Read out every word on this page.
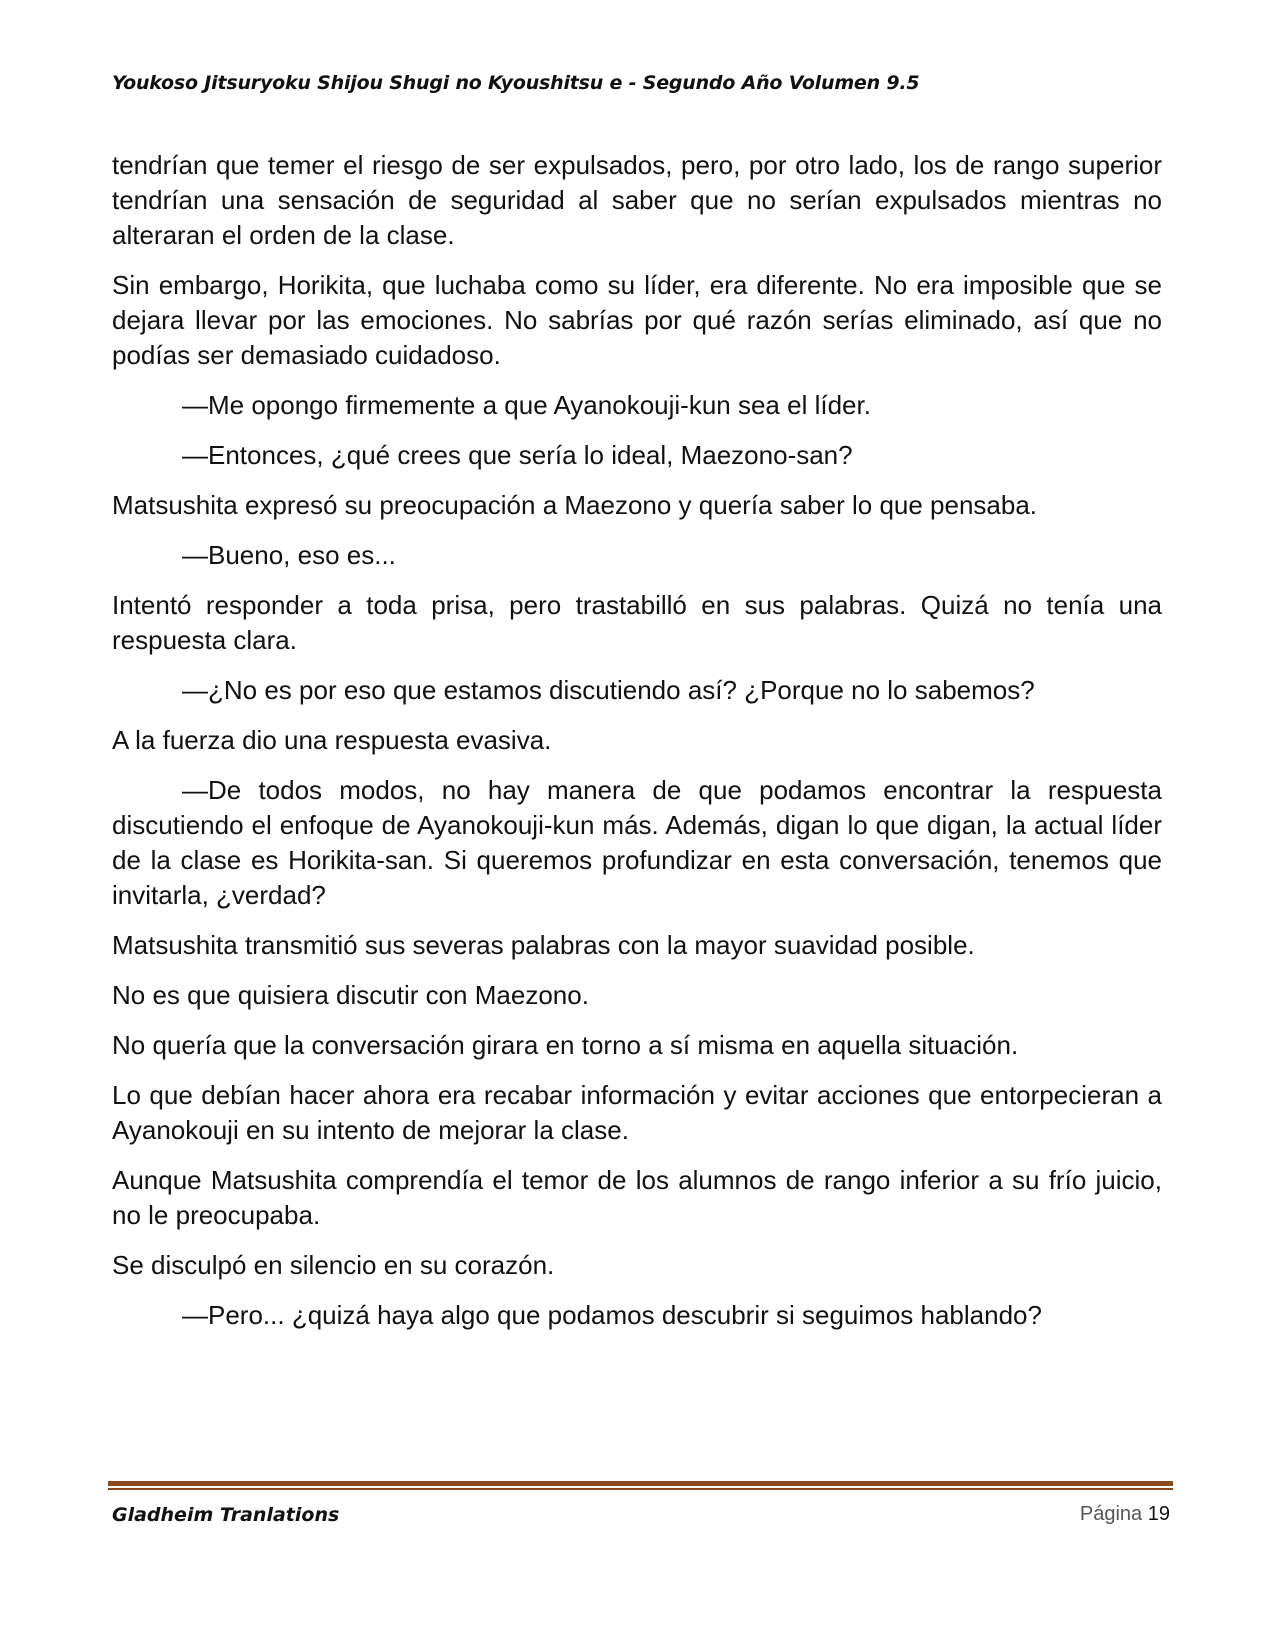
Youkoso Jitsuryoku Shijou Shugi no Kyoushitsu e - Segundo Año Volumen 9.5

tendrían que temer el riesgo de ser expulsados, pero, por otro lado, los de rango superior tendrían una sensación de seguridad al saber que no serían expulsados mientras no alteraran el orden de la clase.

Sin embargo, Horikita, que luchaba como su líder, era diferente. No era imposible que se dejara llevar por las emociones. No sabrías por qué razón serías eliminado, así que no podías ser demasiado cuidadoso.

—Me opongo firmemente a que Ayanokouji-kun sea el líder.

—Entonces, ¿qué crees que sería lo ideal, Maezono-san?

Matsushita expresó su preocupación a Maezono y quería saber lo que pensaba.

—Bueno, eso es...

Intentó responder a toda prisa, pero trastabilló en sus palabras. Quizá no tenía una respuesta clara.

—¿No es por eso que estamos discutiendo así? ¿Porque no lo sabemos?

A la fuerza dio una respuesta evasiva.

—De todos modos, no hay manera de que podamos encontrar la respuesta discutiendo el enfoque de Ayanokouji-kun más. Además, digan lo que digan, la actual líder de la clase es Horikita-san. Si queremos profundizar en esta conversación, tenemos que invitarla, ¿verdad?

Matsushita transmitió sus severas palabras con la mayor suavidad posible.

No es que quisiera discutir con Maezono.

No quería que la conversación girara en torno a sí misma en aquella situación.

Lo que debían hacer ahora era recabar información y evitar acciones que entorpecieran a Ayanokouji en su intento de mejorar la clase.

Aunque Matsushita comprendía el temor de los alumnos de rango inferior a su frío juicio, no le preocupaba.

Se disculpó en silencio en su corazón.

—Pero... ¿quizá haya algo que podamos descubrir si seguimos hablando?

Gladheim Tranlations	Página 19
